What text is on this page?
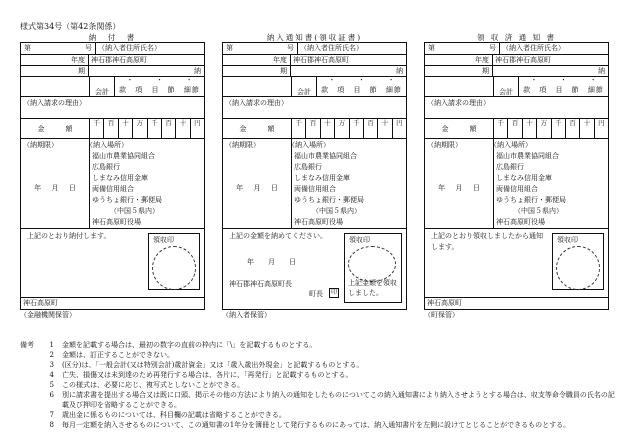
様式第34号（第42条関係）
納　付　書
第	号 （納入者住所氏名）
年度 神石郡神石高原町
期	納
会計
・	・	・
款 項 目 節 細節
（納入請求の理由）
金	額
千	百	十	万	千	百	十	円
（納期限）
年 月 日
（納入場所）
福山市農業協同組合
広島銀行
しまなみ信用金庫
両備信用組合
ゆうちょ銀行・郵便局
（中国５県内）
神石高原町役場
上記のとおり納付します。	領収印
神石高原町
（金融機関保管）
納入通知書(領収証書)
第	号 （納入者住所氏名）
年度 神石郡神石高原町
期	納
会計
・	・	・
款 項 目 節 細節
（納入請求の理由）
金	額
千	百	十	万	千	百	十	円
（納期限）
年 月 日
（納入場所）
福山市農業協同組合
広島銀行
しまなみ信用金庫
両備信用組合
ゆうちょ銀行・郵便局
（中国５県内）
神石高原町役場
上記の金額を納めてください。
年　　月　　日
神石郡神石高原町長
町長	印
領収印
上記金額を領収しました。
（納入者保管）
領 収 済 通 知 書
第	号 （納入者住所氏名）
年度 神石郡神石高原町
期	納
会計
・	・	・
款 項 目 節 細節
（納入請求の理由）
金	額
千	百	十	万	千	百	十	円
（納期限）
年 月 日
（納入場所）
福山市農業協同組合
広島銀行
しまなみ信用金庫
両備信用組合
ゆうちょ銀行・郵便局
（中国５県内）
神石高原町役場
上記のとおり領収しましたから通知します。
領収印
神石高原町
（町保管）
備考 1	金額を記載する場合は、最初の数字の直前の枠内に「\」を記載するものとする。
2	金額は、訂正することができない。
3	(区分)は、「一般会計(又は特別会計)歳計資金」又は「歳入歳出外現金」と記載するものとする。
4	亡失、損傷又は未到達のため再発行する場合は、各片に、「再発行」と記載するものとする。
5	この様式は、必要に応じ、複写式としないことができる。
6	別に請求書を提出する場合又は既に口頭、掲示その他の方法により納入の通知をしたものについてこの納入通知書により納入させようとする場合は、収支等命令職員の氏名の記載及び押印を省略することができる。
7	歳出金に係るものについては、科目欄の記載は省略することができる。
8	毎月一定額を納入させるものについて、この通知書の1年分を簿冊として発行するものにあっては、納入通知書片を左側に設けてとじることができるものとする。
